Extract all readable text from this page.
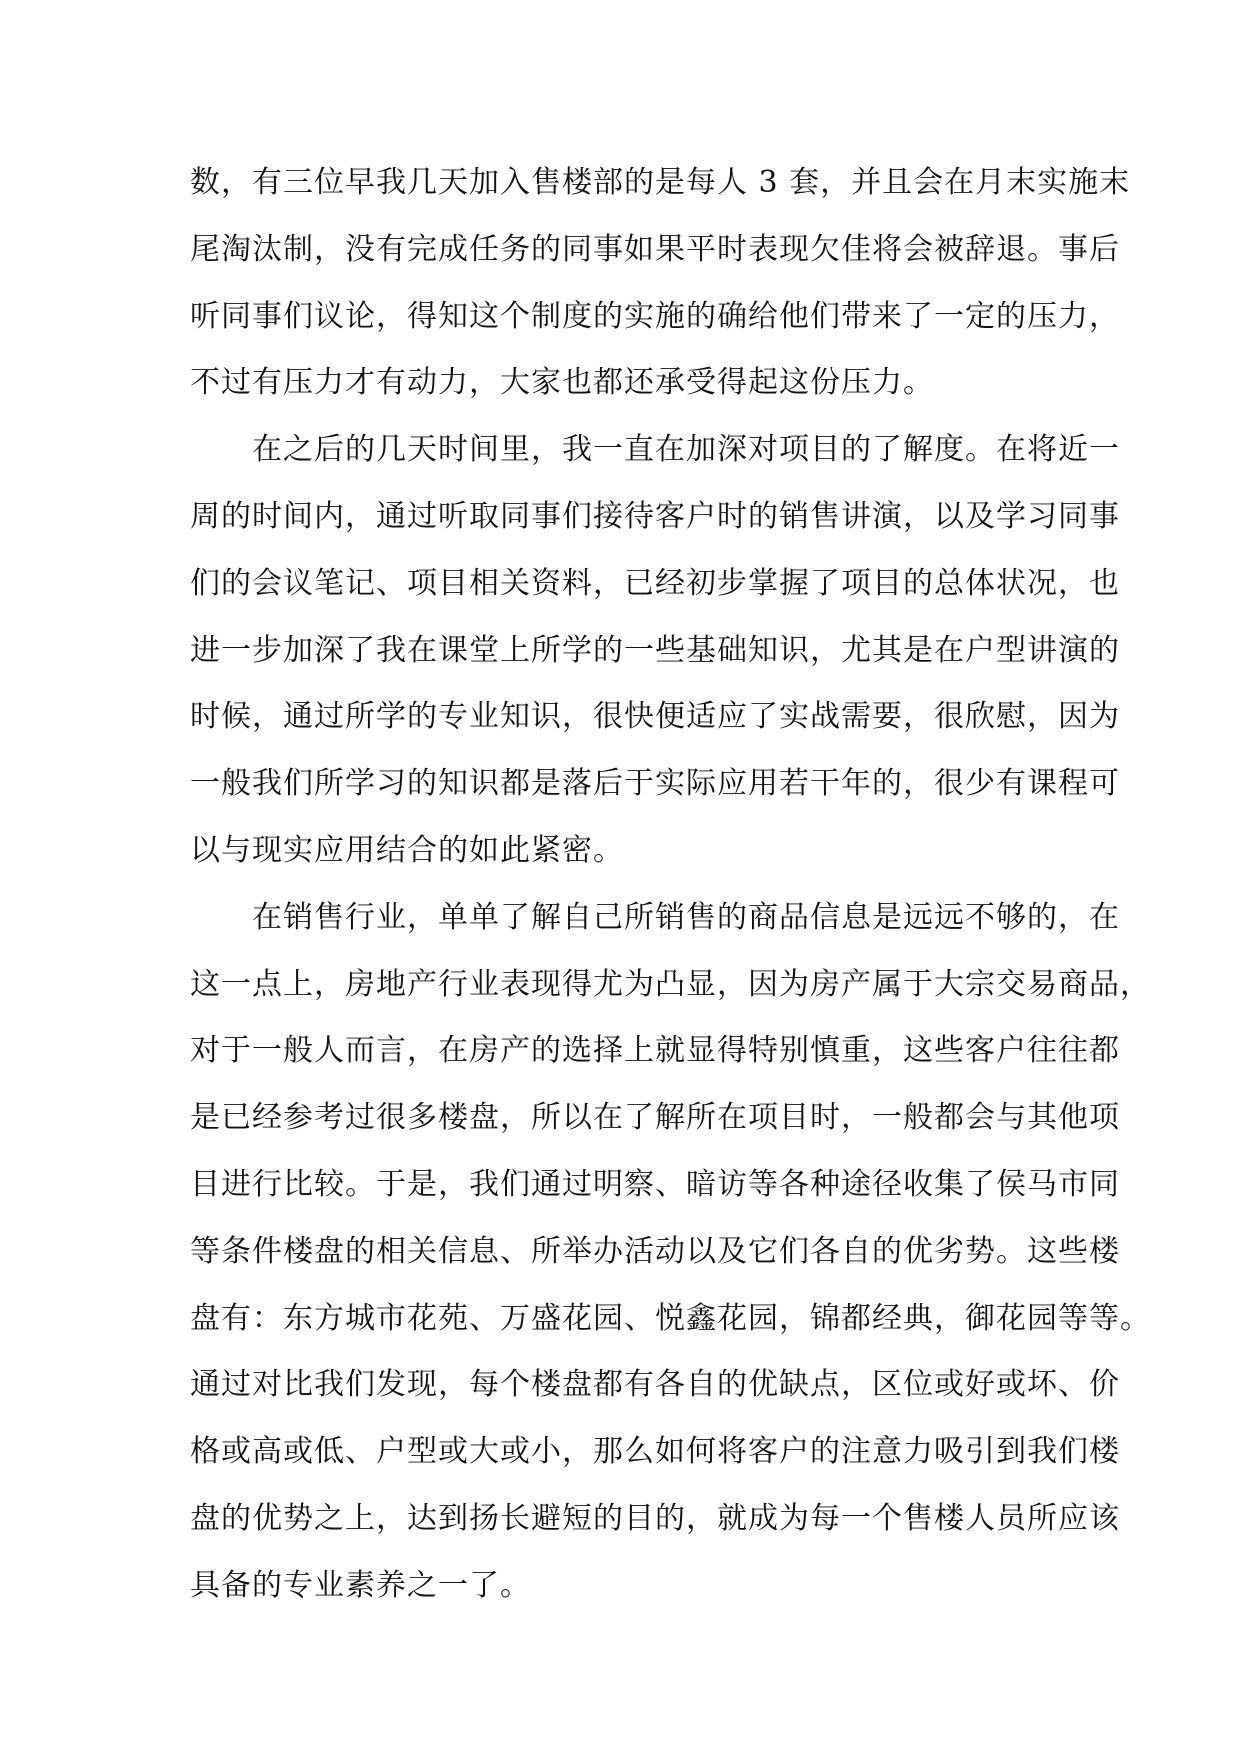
数，有三位早我几天加入售楼部的是每人 3 套，并且会在月末实施末
尾淘汰制，没有完成任务的同事如果平时表现欠佳将会被辞退。事后
听同事们议论，得知这个制度的实施的确给他们带来了一定的压力，
不过有压力才有动力，大家也都还承受得起这份压力。

在之后的几天时间里，我一直在加深对项目的了解度。在将近一
周的时间内，通过听取同事们接待客户时的销售讲演，以及学习同事
们的会议笔记、项目相关资料，已经初步掌握了项目的总体状况，也
进一步加深了我在课堂上所学的一些基础知识，尤其是在户型讲演的
时候，通过所学的专业知识，很快便适应了实战需要，很欣慰，因为
一般我们所学习的知识都是落后于实际应用若干年的，很少有课程可
以与现实应用结合的如此紧密。

在销售行业，单单了解自己所销售的商品信息是远远不够的，在
这一点上，房地产行业表现得尤为凸显，因为房产属于大宗交易商品，
对于一般人而言，在房产的选择上就显得特别慎重，这些客户往往都
是已经参考过很多楼盘，所以在了解所在项目时，一般都会与其他项
目进行比较。于是，我们通过明察、暗访等各种途径收集了侯马市同
等条件楼盘的相关信息、所举办活动以及它们各自的优劣势。这些楼
盘有：东方城市花苑、万盛花园、悦鑫花园，锦都经典，御花园等等。
通过对比我们发现，每个楼盘都有各自的优缺点，区位或好或坏、价
格或高或低、户型或大或小，那么如何将客户的注意力吸引到我们楼
盘的优势之上，达到扬长避短的目的，就成为每一个售楼人员所应该
具备的专业素养之一了。
